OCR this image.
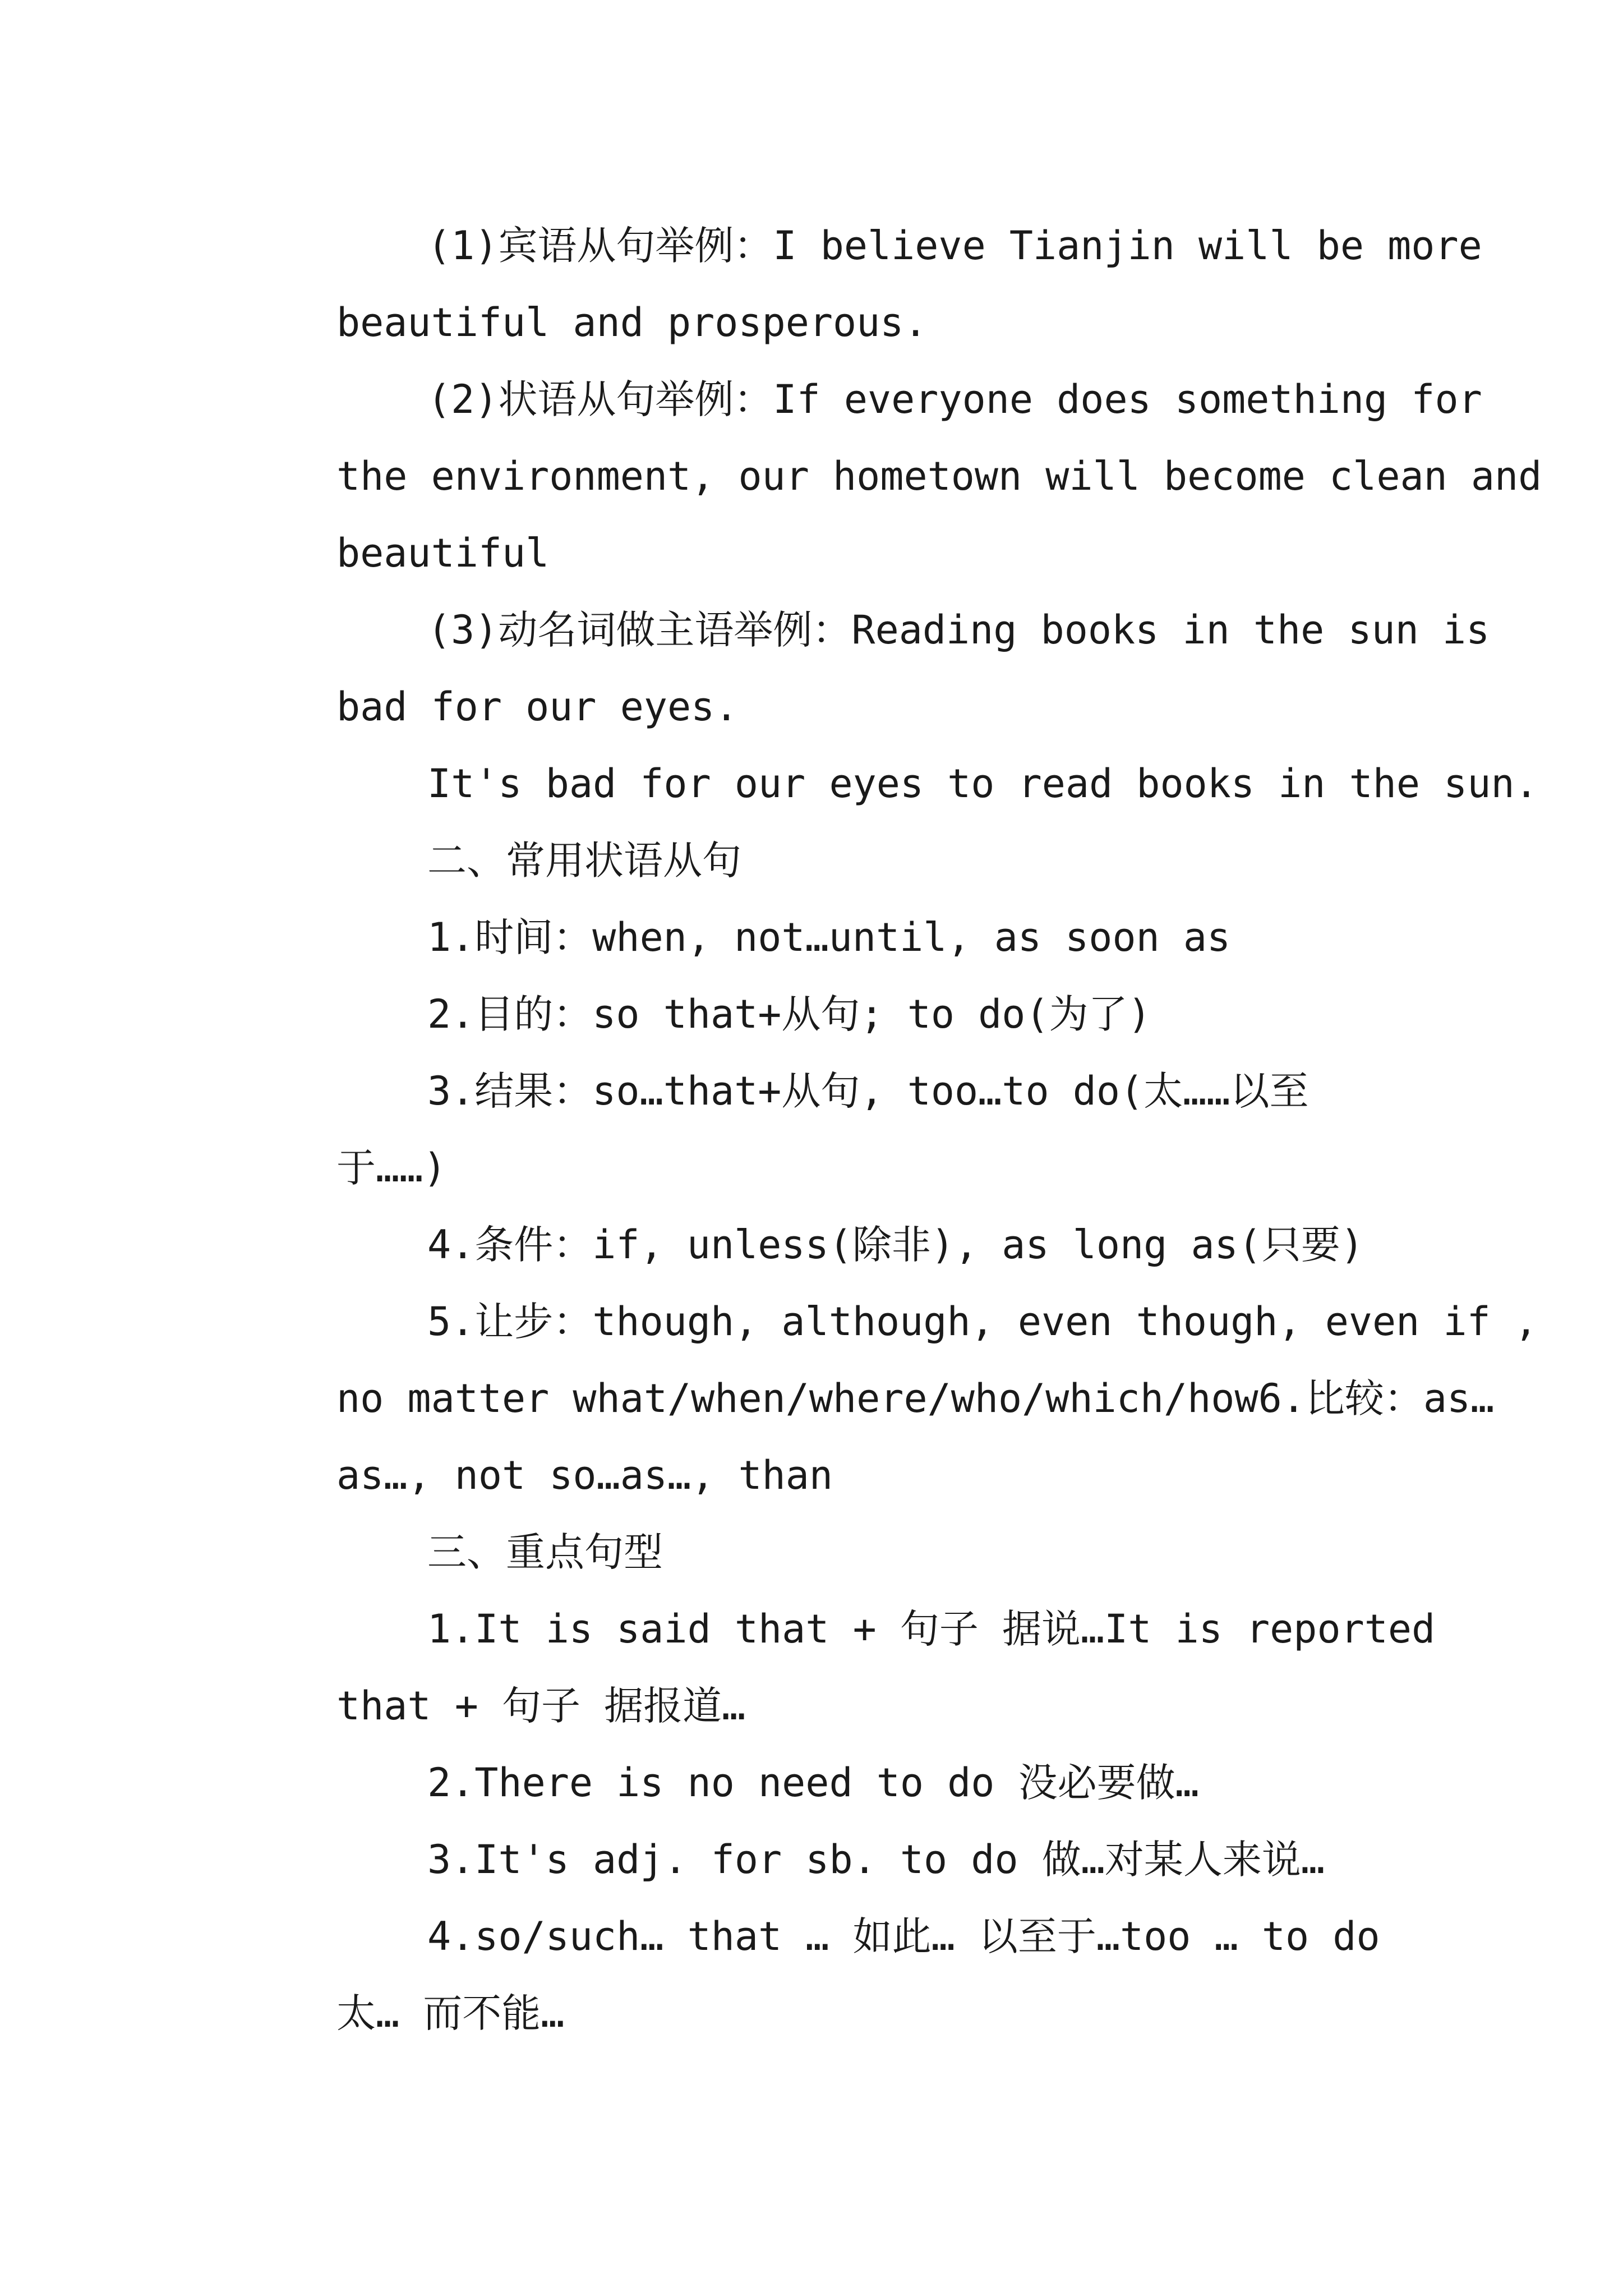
(1)宾语从句举例：I believe Tianjin will be more
beautiful and prosperous.
(2)状语从句举例：If everyone does something for
the environment, our hometown will become clean and
beautiful
(3)动名词做主语举例：Reading books in the sun is
bad for our eyes.
It's bad for our eyes to read books in the sun.
二、常用状语从句
1.时间：when, not…until, as soon as
2.目的：so that+从句; to do(为了)
3.结果：so…that+从句, too…to do(太……以至
于……)
4.条件：if, unless(除非), as long as(只要)
5.让步：though, although, even though, even if ,
no matter what/when/where/who/which/how6.比较：as…
as…, not so…as…, than
三、重点句型
1.It is said that + 句子 据说…It is reported
that + 句子 据报道…
2.There is no need to do 没必要做…
3.It's adj. for sb. to do 做…对某人来说…
4.so/such… that … 如此… 以至于…too … to do
太… 而不能…
